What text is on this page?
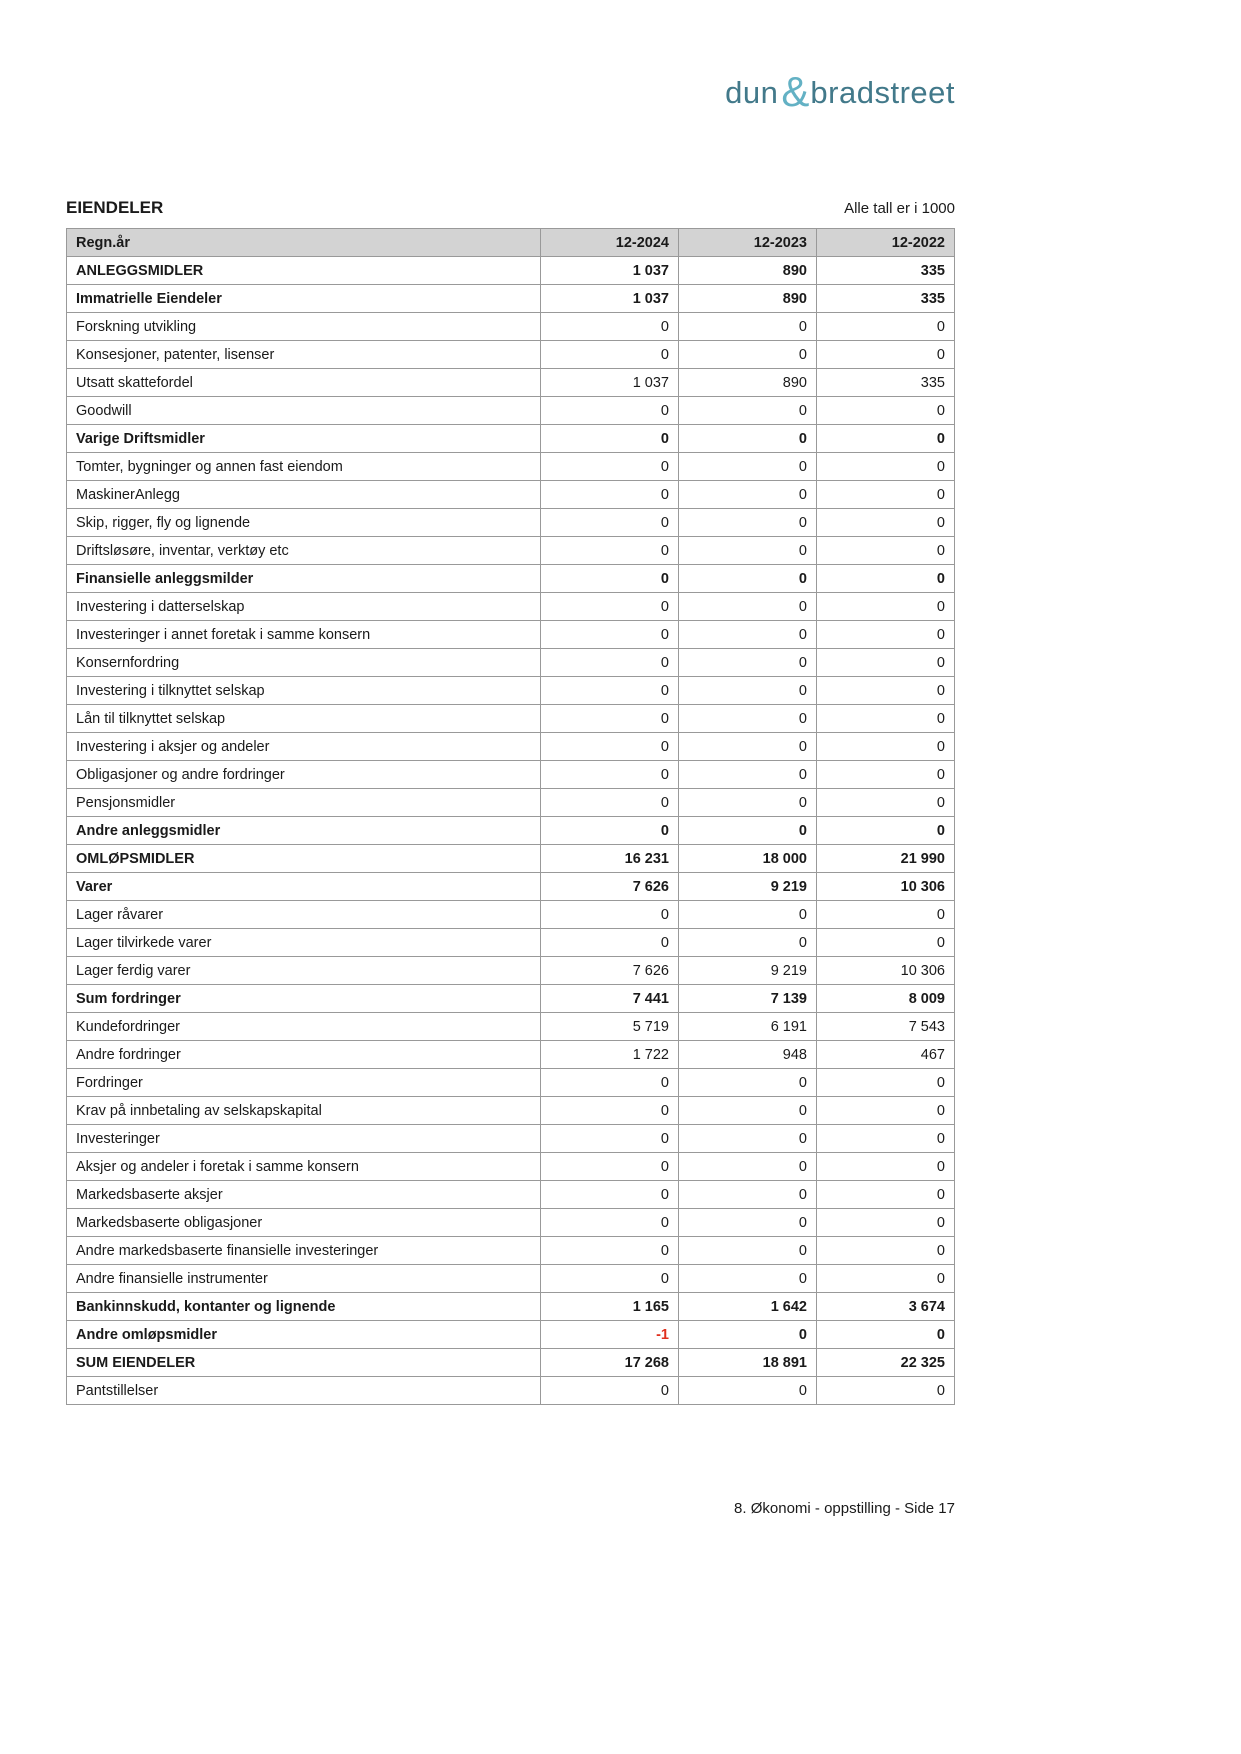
dun & bradstreet
EIENDELER	Alle tall er i 1000
Regn.år	12-2024	12-2023	12-2022
ANLEGGSMIDLER	1 037	890	335
Immatrielle Eiendeler	1 037	890	335
Forskning utvikling	0	0	0
Konsesjoner, patenter, lisenser	0	0	0
Utsatt skattefordel	1 037	890	335
Goodwill	0	0	0
Varige Driftsmidler	0	0	0
Tomter, bygninger og annen fast eiendom	0	0	0
MaskinerAnlegg	0	0	0
Skip, rigger, fly og lignende	0	0	0
Driftsløsøre, inventar, verktøy etc	0	0	0
Finansielle anleggsmilder	0	0	0
Investering i datterselskap	0	0	0
Investeringer i annet foretak i samme konsern	0	0	0
Konsernfordring	0	0	0
Investering i tilknyttet selskap	0	0	0
Lån til tilknyttet selskap	0	0	0
Investering i aksjer og andeler	0	0	0
Obligasjoner og andre fordringer	0	0	0
Pensjonsmidler	0	0	0
Andre anleggsmidler	0	0	0
OMLØPSMIDLER	16 231	18 000	21 990
Varer	7 626	9 219	10 306
Lager råvarer	0	0	0
Lager tilvirkede varer	0	0	0
Lager ferdig varer	7 626	9 219	10 306
Sum fordringer	7 441	7 139	8 009
Kundefordringer	5 719	6 191	7 543
Andre fordringer	1 722	948	467
Fordringer	0	0	0
Krav på innbetaling av selskapskapital	0	0	0
Investeringer	0	0	0
Aksjer og andeler i foretak i samme konsern	0	0	0
Markedsbaserte aksjer	0	0	0
Markedsbaserte obligasjoner	0	0	0
Andre markedsbaserte finansielle investeringer	0	0	0
Andre finansielle instrumenter	0	0	0
Bankinnskudd, kontanter og lignende	1 165	1 642	3 674
Andre omløpsmidler	-1	0	0
SUM EIENDELER	17 268	18 891	22 325
Pantstillelser	0	0	0
8. Økonomi - oppstilling - Side 17
